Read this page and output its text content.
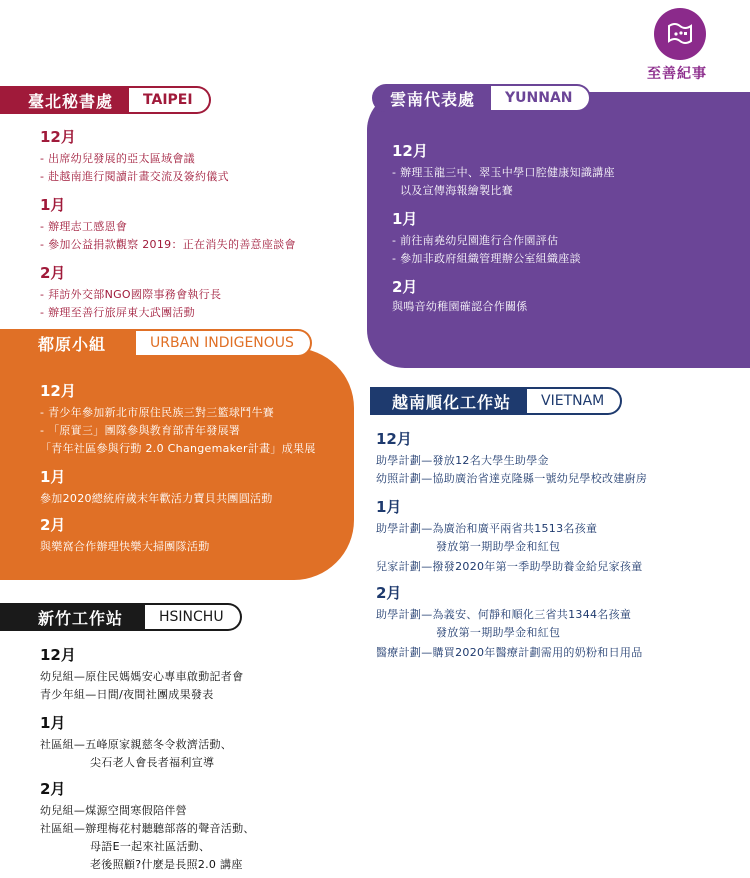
至善紀事
臺北秘書處	TAIPEI
12月
- 出席幼兒發展的亞太區域會議
- 赴越南進行閱讀計畫交流及簽約儀式
1月
- 辦理志工感恩會
- 參加公益捐款觀察 2019：正在消失的善意座談會
2月
- 拜訪外交部NGO國際事務會執行長
- 辦理至善行旅屏東大武團活動
雲南代表處	YUNNAN
12月
- 辦理玉龍三中、翠玉中學口腔健康知識講座
以及宣傳海報繪製比賽
1月
- 前往南堯幼兒園進行合作園評估
- 參加非政府組織管理辦公室組織座談
2月
與鳴音幼稚園確認合作關係
都原小組	URBAN INDIGENOUS
12月
- 青少年參加新北市原住民族三對三籃球鬥牛賽
- 「原實三」團隊參與教育部青年發展署
「青年社區參與行動 2.0 Changemaker計畫」成果展
1月
參加2020總統府歲末年歡活力寶貝共團圓活動
2月
與樂窩合作辦理快樂大掃團隊活動
越南順化工作站	VIETNAM
12月
助學計劃—發放12名大學生助學金
幼照計劃—協助廣治省達克隆縣一號幼兒學校改建廚房
1月
助學計劃—為廣治和廣平兩省共1513名孩童
發放第一期助學金和紅包
兒家計劃—撥發2020年第一季助學助養金給兒家孩童
2月
助學計劃—為義安、何靜和順化三省共1344名孩童
發放第一期助學金和紅包
醫療計劃—購買2020年醫療計劃需用的奶粉和日用品
新竹工作站	HSINCHU
12月
幼兒組—原住民媽媽安心專車啟動記者會
青少年組—日間/夜間社團成果發表
1月
社區組—五峰原家親慈冬令救濟活動、
尖石老人會長者福利宣導
2月
幼兒組—煤源空間寒假陪伴營
社區組—辦理梅花村聽聽部落的聲音活動、
母語E一起來社區活動、
老後照顧?什麼是長照2.0 講座
